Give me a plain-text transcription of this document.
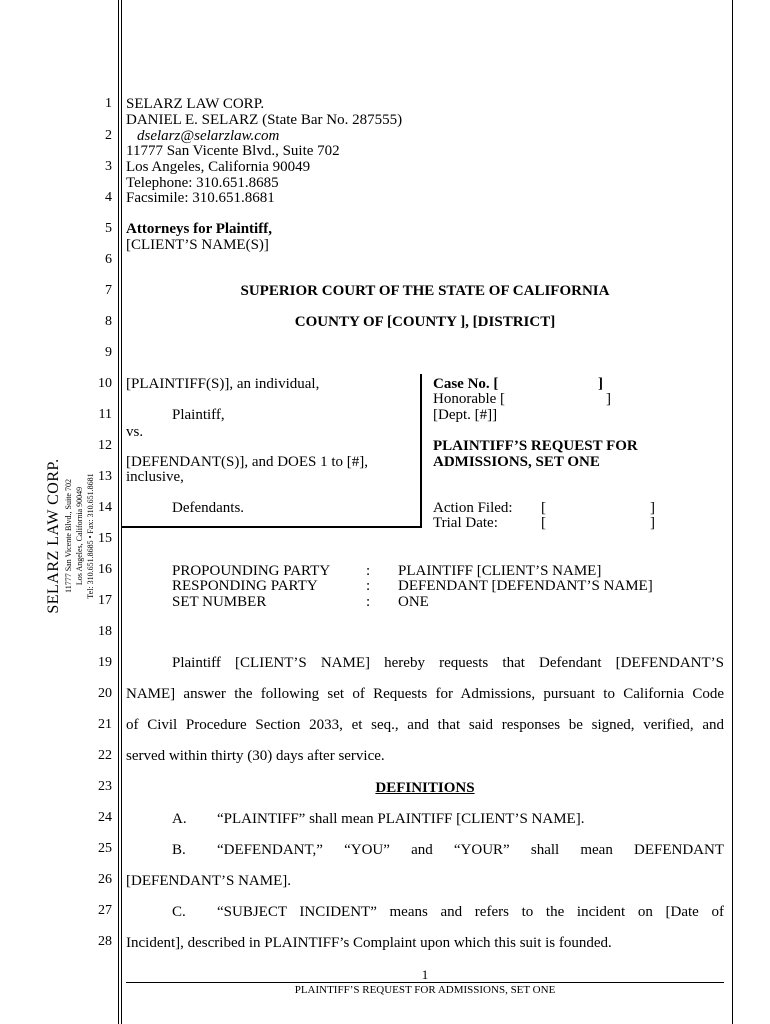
SELARZ LAW CORP. 11777 San Vicente Blvd., Suite 702 Los Angeles, California 90049 Tel: 310.651.8685 • Fax: 310.651.8681
1
2
3
4
5
6
7
8
9
10
11
12
13
14
15
16
17
18
19
20
21
22
23
24
25
26
27
28
SELARZ LAW CORP.
DANIEL E. SELARZ (State Bar No. 287555)
dselarz@selarzlaw.com
11777 San Vicente Blvd., Suite 702
Los Angeles, California 90049
Telephone: 310.651.8685
Facsimile: 310.651.8681
Attorneys for Plaintiff,
[CLIENT’S NAME(S)]
SUPERIOR COURT OF THE STATE OF CALIFORNIA
COUNTY OF [COUNTY ], [DISTRICT]
[PLAINTIFF(S)], an individual,
Plaintiff,
vs.
[DEFENDANT(S)], and DOES 1 to [#],
inclusive,
Defendants.
Case No. [	]
Honorable [	]
[Dept. [#]]
PLAINTIFF’S REQUEST FOR
ADMISSIONS, SET ONE
Action Filed: [	]
Trial Date:	[	]
PROPOUNDING PARTY : PLAINTIFF [CLIENT’S NAME]
RESPONDING PARTY	: DEFENDANT [DEFENDANT’S NAME]
SET NUMBER	: ONE
Plaintiff [CLIENT’S NAME] hereby requests that Defendant [DEFENDANT’S
NAME] answer the following set of Requests for Admissions, pursuant to California Code
of Civil Procedure Section 2033, et seq., and that said responses be signed, verified, and
served within thirty (30) days after service.
DEFINITIONS
A. “PLAINTIFF” shall mean PLAINTIFF [CLIENT’S NAME].
B. “DEFENDANT,” “YOU” and “YOUR” shall mean DEFENDANT
[DEFENDANT’S NAME].
C. “SUBJECT INCIDENT” means and refers to the incident on [Date of
Incident], described in PLAINTIFF’s Complaint upon which this suit is founded.
1
PLAINTIFF’S REQUEST FOR ADMISSIONS, SET ONE
